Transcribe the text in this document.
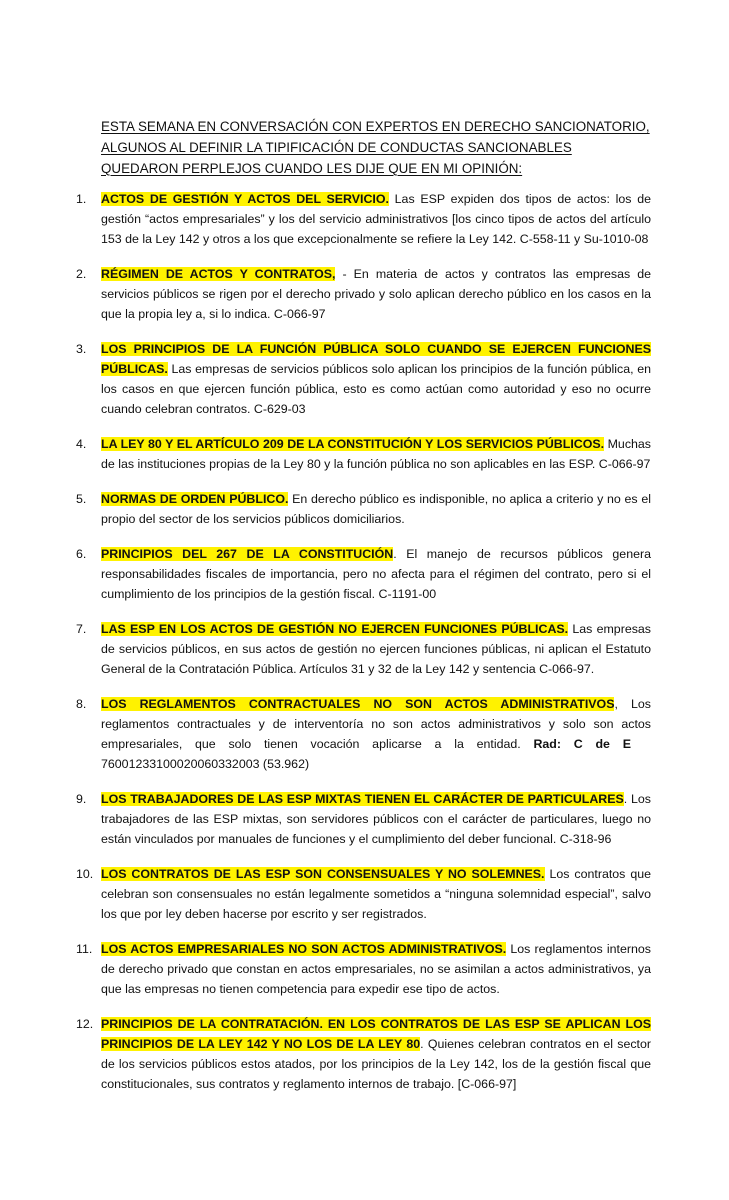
ESTA SEMANA EN CONVERSACIÓN CON EXPERTOS EN DERECHO SANCIONATORIO,
ALGUNOS AL DEFINIR LA TIPIFICACIÓN DE CONDUCTAS SANCIONABLES
QUEDARON PERPLEJOS CUANDO LES DIJE QUE EN MI OPINIÓN:
1.	ACTOS DE GESTIÓN Y ACTOS DEL SERVICIO. Las ESP expiden dos tipos de actos: los de gestión “actos empresariales” y los del servicio administrativos [los cinco tipos de actos del artículo 153 de la Ley 142 y otros a los que excepcionalmente se refiere la Ley 142. C-558-11 y Su-1010-08
2.	RÉGIMEN DE ACTOS Y CONTRATOS, - En materia de actos y contratos las empresas de servicios públicos se rigen por el derecho privado y solo aplican derecho público en los casos en la que la propia ley a, si lo indica. C-066-97
3.	LOS PRINCIPIOS DE LA FUNCIÓN PÚBLICA SOLO CUANDO SE EJERCEN FUNCIONES PÚBLICAS. Las empresas de servicios públicos solo aplican los principios de la función pública, en los casos en que ejercen función pública, esto es como actúan como autoridad y eso no ocurre cuando celebran contratos. C-629-03
4.	LA LEY 80 Y EL ARTÍCULO 209 DE LA CONSTITUCIÓN Y LOS SERVICIOS PÚBLICOS. Muchas de las instituciones propias de la Ley 80 y la función pública no son aplicables en las ESP. C-066-97
5.	NORMAS DE ORDEN PÚBLICO. En derecho público es indisponible, no aplica a criterio y no es el propio del sector de los servicios públicos domiciliarios.
6.	PRINCIPIOS DEL 267 DE LA CONSTITUCIÓN. El manejo de recursos públicos genera responsabilidades fiscales de importancia, pero no afecta para el régimen del contrato, pero si el cumplimiento de los principios de la gestión fiscal. C-1191-00
7.	LAS ESP EN LOS ACTOS DE GESTIÓN NO EJERCEN FUNCIONES PÚBLICAS. Las empresas de servicios públicos, en sus actos de gestión no ejercen funciones públicas, ni aplican el Estatuto General de la Contratación Pública. Artículos 31 y 32 de la Ley 142 y sentencia C-066-97.
8.	LOS REGLAMENTOS CONTRACTUALES NO SON ACTOS ADMINISTRATIVOS, Los reglamentos contractuales y de interventoría no son actos administrativos y solo son actos empresariales, que solo tienen vocación aplicarse a la entidad. Rad: C de E76001233100020060332003 (53.962)
9.	LOS TRABAJADORES DE LAS ESP MIXTAS TIENEN EL CARÁCTER DE PARTICULARES. Los trabajadores de las ESP mixtas, son servidores públicos con el carácter de particulares, luego no están vinculados por manuales de funciones y el cumplimiento del deber funcional. C-318-96
10. LOS CONTRATOS DE LAS ESP SON CONSENSUALES Y NO SOLEMNES. Los contratos que celebran son consensuales no están legalmente sometidos a “ninguna solemnidad especial”, salvo los que por ley deben hacerse por escrito y ser registrados.
11. LOS ACTOS EMPRESARIALES NO SON ACTOS ADMINISTRATIVOS. Los reglamentos internos de derecho privado que constan en actos empresariales, no se asimilan a actos administrativos, ya que las empresas no tienen competencia para expedir ese tipo de actos.
12. PRINCIPIOS DE LA CONTRATACIÓN. EN LOS CONTRATOS DE LAS ESP SE APLICAN LOS PRINCIPIOS DE LA LEY 142 Y NO LOS DE LA LEY 80. Quienes celebran contratos en el sector de los servicios públicos estos atados, por los principios de la Ley 142, los de la gestión fiscal que constitucionales, sus contratos y reglamento internos de trabajo. [C-066-97]
